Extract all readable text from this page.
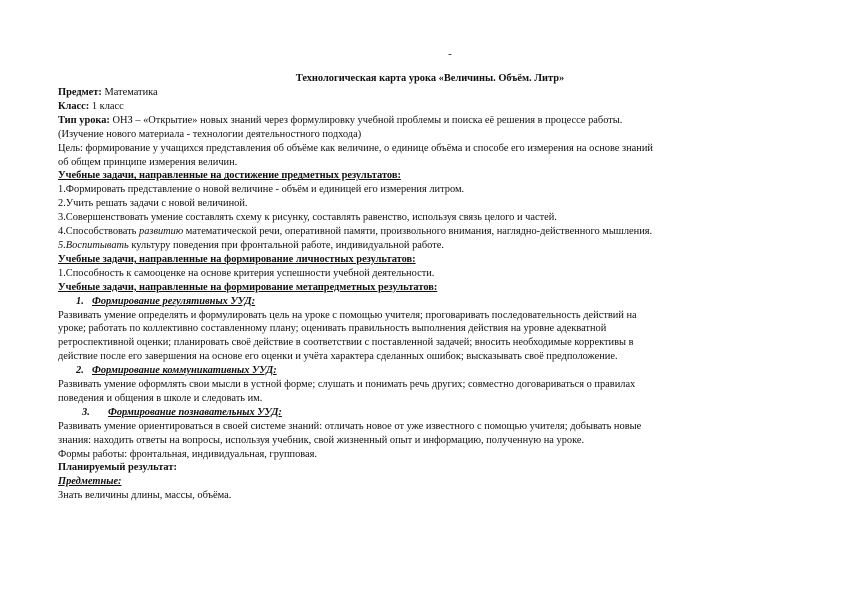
-
Технологическая карта урока «Величины. Объём. Литр»
Предмет: Математика
Класс: 1 класс
Тип урока: ОНЗ – «Открытие» новых знаний через формулировку учебной проблемы и поиска её решения в процессе работы.
(Изучение нового материала - технологии деятельностного подхода)
Цель: формирование у учащихся представления об объёме как величине, о единице объёма и способе его измерения на основе знаний
об общем принципе измерения величин.
Учебные задачи, направленные на достижение предметных результатов:
1.Формировать представление о новой величине - объём и единицей его измерения литром.
2.Учить решать задачи с новой величиной.
3.Совершенствовать умение составлять схему к рисунку, составлять равенство, используя связь целого и частей.
4.Способствовать развитию математической речи, оперативной памяти, произвольного внимания, наглядно-действенного мышления.
5.Воспитывать культуру поведения при фронтальной работе, индивидуальной работе.
Учебные задачи, направленные на формирование личностных результатов:
1.Способность к самооценке на основе критерия успешности учебной деятельности.
Учебные задачи, направленные на формирование метапредметных результатов:
1. Формирование регулятивных УУД:
Развивать умение определять и формулировать цель на уроке с помощью учителя; проговаривать последовательность действий на
уроке; работать по коллективно составленному плану; оценивать правильность выполнения действия на уровне адекватной
ретроспективной оценки; планировать своё действие в соответствии с поставленной задачей; вносить необходимые коррективы в
действие после его завершения на основе его оценки и учёта характера сделанных ошибок; высказывать своё предположение.
2. Формирование коммуникативных УУД:
Развивать умение оформлять свои мысли в устной форме; слушать и понимать речь других; совместно договариваться о правилах
поведения и общения в школе и следовать им.
3. Формирование познавательных УУД:
Развивать умение ориентироваться в своей системе знаний: отличать новое от уже известного с помощью учителя; добывать новые
знания: находить ответы на вопросы, используя учебник, свой жизненный опыт и информацию, полученную на уроке.
Формы работы: фронтальная, индивидуальная, групповая.
Планируемый результат:
Предметные:
Знать величины длины, массы, объёма.
